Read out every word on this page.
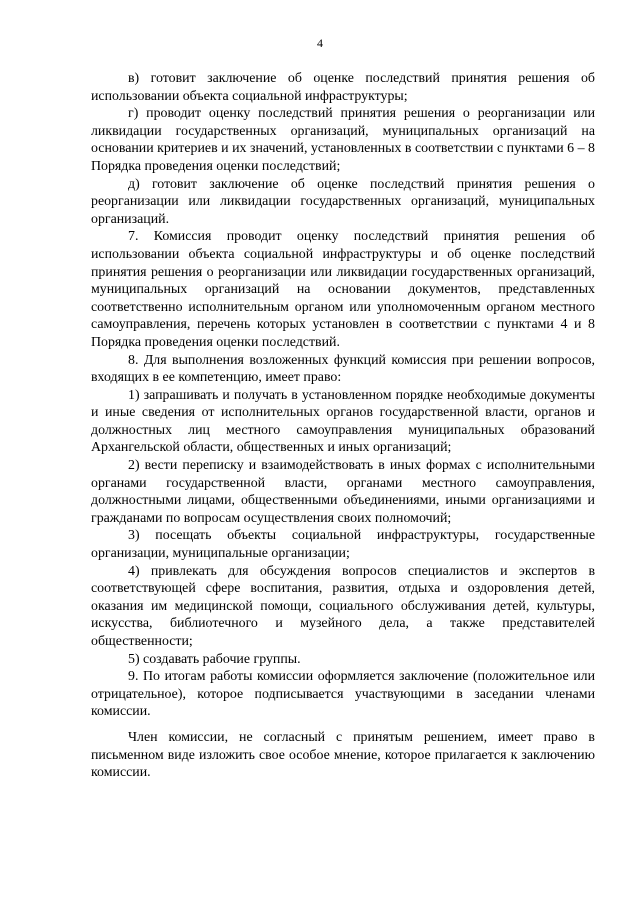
4

в) готовит заключение об оценке последствий принятия решения об использовании объекта социальной инфраструктуры;

г) проводит оценку последствий принятия решения о реорганизации или ликвидации государственных организаций, муниципальных организаций на основании критериев и их значений, установленных в соответствии с пунктами 6 – 8 Порядка проведения оценки последствий;

д) готовит заключение об оценке последствий принятия решения о реорганизации или ликвидации государственных организаций, муниципальных организаций.

7. Комиссия проводит оценку последствий принятия решения об использовании объекта социальной инфраструктуры и об оценке последствий принятия решения о реорганизации или ликвидации государственных организаций, муниципальных организаций на основании документов, представленных соответственно исполнительным органом или уполномоченным органом местного самоуправления, перечень которых установлен в соответствии с пунктами 4 и 8 Порядка проведения оценки последствий.

8. Для выполнения возложенных функций комиссия при решении вопросов, входящих в ее компетенцию, имеет право:

1) запрашивать и получать в установленном порядке необходимые документы и иные сведения от исполнительных органов государственной власти, органов и должностных лиц местного самоуправления муниципальных образований Архангельской области, общественных и иных организаций;

2) вести переписку и взаимодействовать в иных формах с исполнительными органами государственной власти, органами местного самоуправления, должностными лицами, общественными объединениями, иными организациями и гражданами по вопросам осуществления своих полномочий;

3) посещать объекты социальной инфраструктуры, государственные организации, муниципальные организации;

4) привлекать для обсуждения вопросов специалистов и экспертов в соответствующей сфере воспитания, развития, отдыха и оздоровления детей, оказания им медицинской помощи, социального обслуживания детей, культуры, искусства, библиотечного и музейного дела, а также представителей общественности;

5) создавать рабочие группы.

9. По итогам работы комиссии оформляется заключение (положительное или отрицательное), которое подписывается участвующими в заседании членами комиссии.

Член комиссии, не согласный с принятым решением, имеет право в письменном виде изложить свое особое мнение, которое прилагается к заключению комиссии.
